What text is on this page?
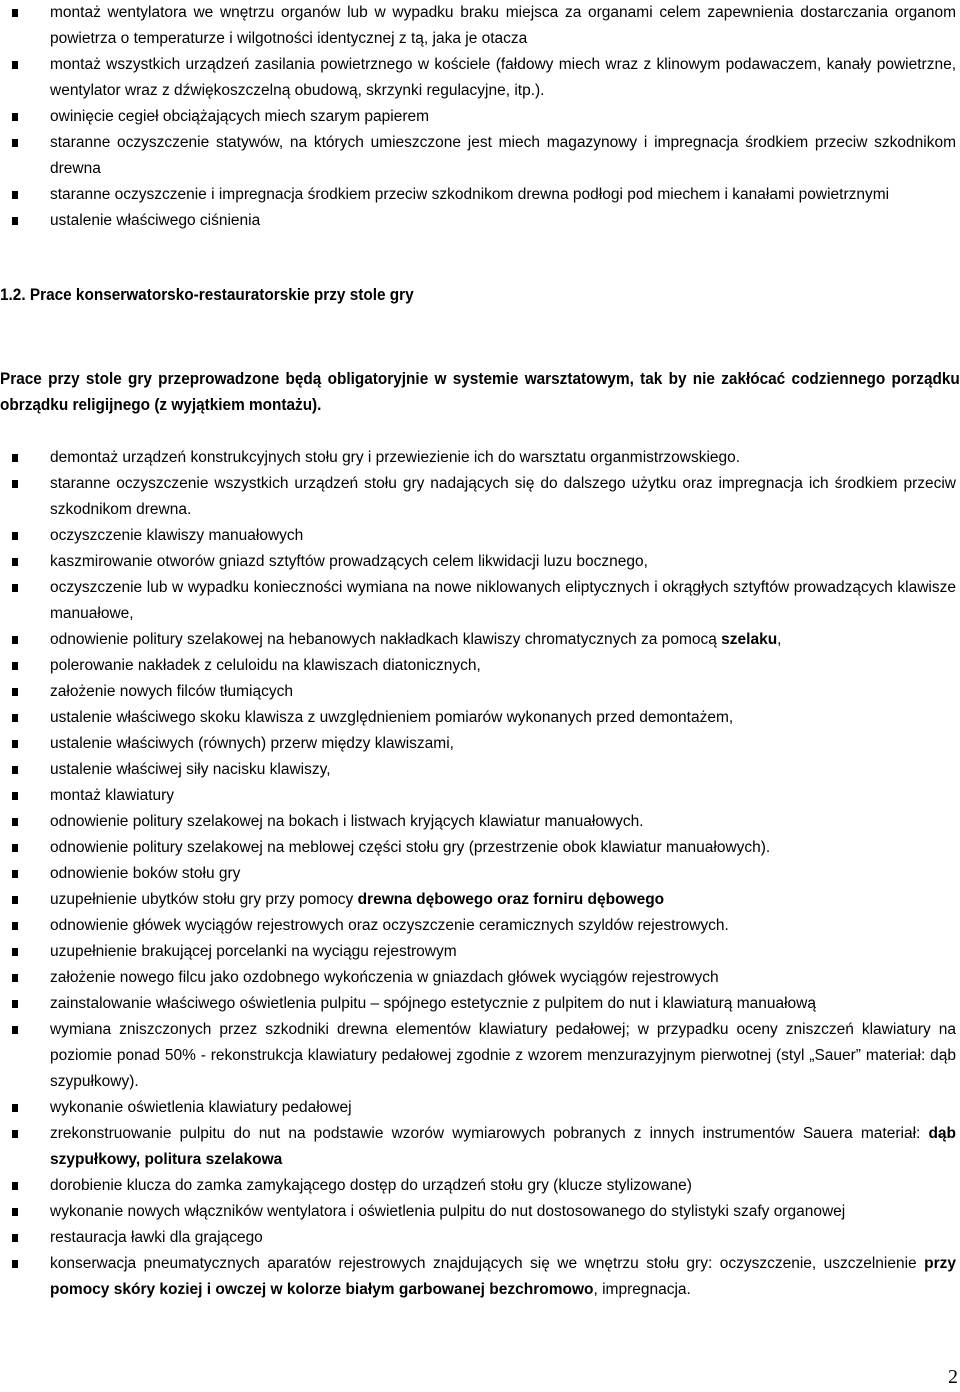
montaż wentylatora we wnętrzu organów lub w wypadku braku miejsca za organami celem zapewnienia dostarczania organom powietrza o temperaturze i wilgotności identycznej z tą, jaka je otacza
montaż wszystkich urządzeń zasilania powietrznego w kościele (fałdowy miech wraz z klinowym podawaczem, kanały powietrzne, wentylator wraz z dźwiękoszczelną obudową, skrzynki regulacyjne, itp.).
owinięcie cegieł obciążających miech szarym papierem
staranne oczyszczenie statywów, na których umieszczone jest miech magazynowy i impregnacja środkiem przeciw szkodnikom drewna
staranne oczyszczenie i impregnacja środkiem przeciw szkodnikom drewna podłogi pod miechem i kanałami powietrznymi
ustalenie właściwego ciśnienia
1.2. Prace konserwatorsko-restauratorskie przy stole gry
Prace przy stole gry przeprowadzone będą obligatoryjnie w systemie warsztatowym, tak by nie zakłócać codziennego porządku obrządku religijnego (z wyjątkiem montażu).
demontaż urządzeń konstrukcyjnych stołu gry i przewiezienie ich do warsztatu organmistrzowskiego.
staranne oczyszczenie wszystkich urządzeń stołu gry nadających się do dalszego użytku oraz impregnacja ich środkiem przeciw szkodnikom drewna.
oczyszczenie klawiszy manuałowych
kaszmirowanie otworów gniazd sztyftów prowadzących celem likwidacji luzu bocznego,
oczyszczenie lub w wypadku konieczności wymiana na nowe niklowanych eliptycznych i okrągłych sztyftów prowadzących klawisze manuałowe,
odnowienie politury szelakowej na hebanowych nakładkach klawiszy chromatycznych za pomocą szelaku,
polerowanie nakładek z celuloidu na klawiszach diatonicznych,
założenie nowych filców tłumiących
ustalenie właściwego skoku klawisza z uwzględnieniem pomiarów wykonanych przed demontażem,
ustalenie właściwych (równych) przerw między klawiszami,
ustalenie właściwej siły nacisku klawiszy,
montaż klawiatury
odnowienie politury szelakowej na bokach i listwach kryjących klawiatur manuałowych.
odnowienie politury szelakowej na meblowej części stołu gry (przestrzenie obok klawiatur manuałowych).
odnowienie boków stołu gry
uzupełnienie ubytków stołu gry przy pomocy drewna dębowego oraz forniru dębowego
odnowienie główek wyciągów rejestrowych oraz oczyszczenie ceramicznych szyldów rejestrowych.
uzupełnienie brakującej porcelanki na wyciągu rejestrowym
założenie nowego filcu jako ozdobnego wykończenia w gniazdach główek wyciągów rejestrowych
zainstalowanie właściwego oświetlenia pulpitu – spójnego estetycznie z pulpitem do nut i klawiaturą manuałową
wymiana zniszczonych przez szkodniki drewna elementów klawiatury pedałowej; w przypadku oceny zniszczeń klawiatury na poziomie ponad 50% - rekonstrukcja klawiatury pedałowej zgodnie z wzorem menzurazyjnym pierwotnej (styl „Sauer” materiał: dąb szypułkowy).
wykonanie oświetlenia klawiatury pedałowej
zrekonstruowanie pulpitu do nut na podstawie wzorów wymiarowych pobranych z innych instrumentów Sauera materiał: dąb szypułkowy, politura szelakowa
dorobienie klucza do zamka zamykającego dostęp do urządzeń stołu gry (klucze stylizowane)
wykonanie nowych włączników wentylatora i oświetlenia pulpitu do nut dostosowanego do stylistyki szafy organowej
restauracja ławki dla grającego
konserwacja pneumatycznych aparatów rejestrowych znajdujących się we wnętrzu stołu gry: oczyszczenie, uszczelnienie przy pomocy skóry koziej i owczej w kolorze białym garbowanej bezchromowo, impregnacja.
2
